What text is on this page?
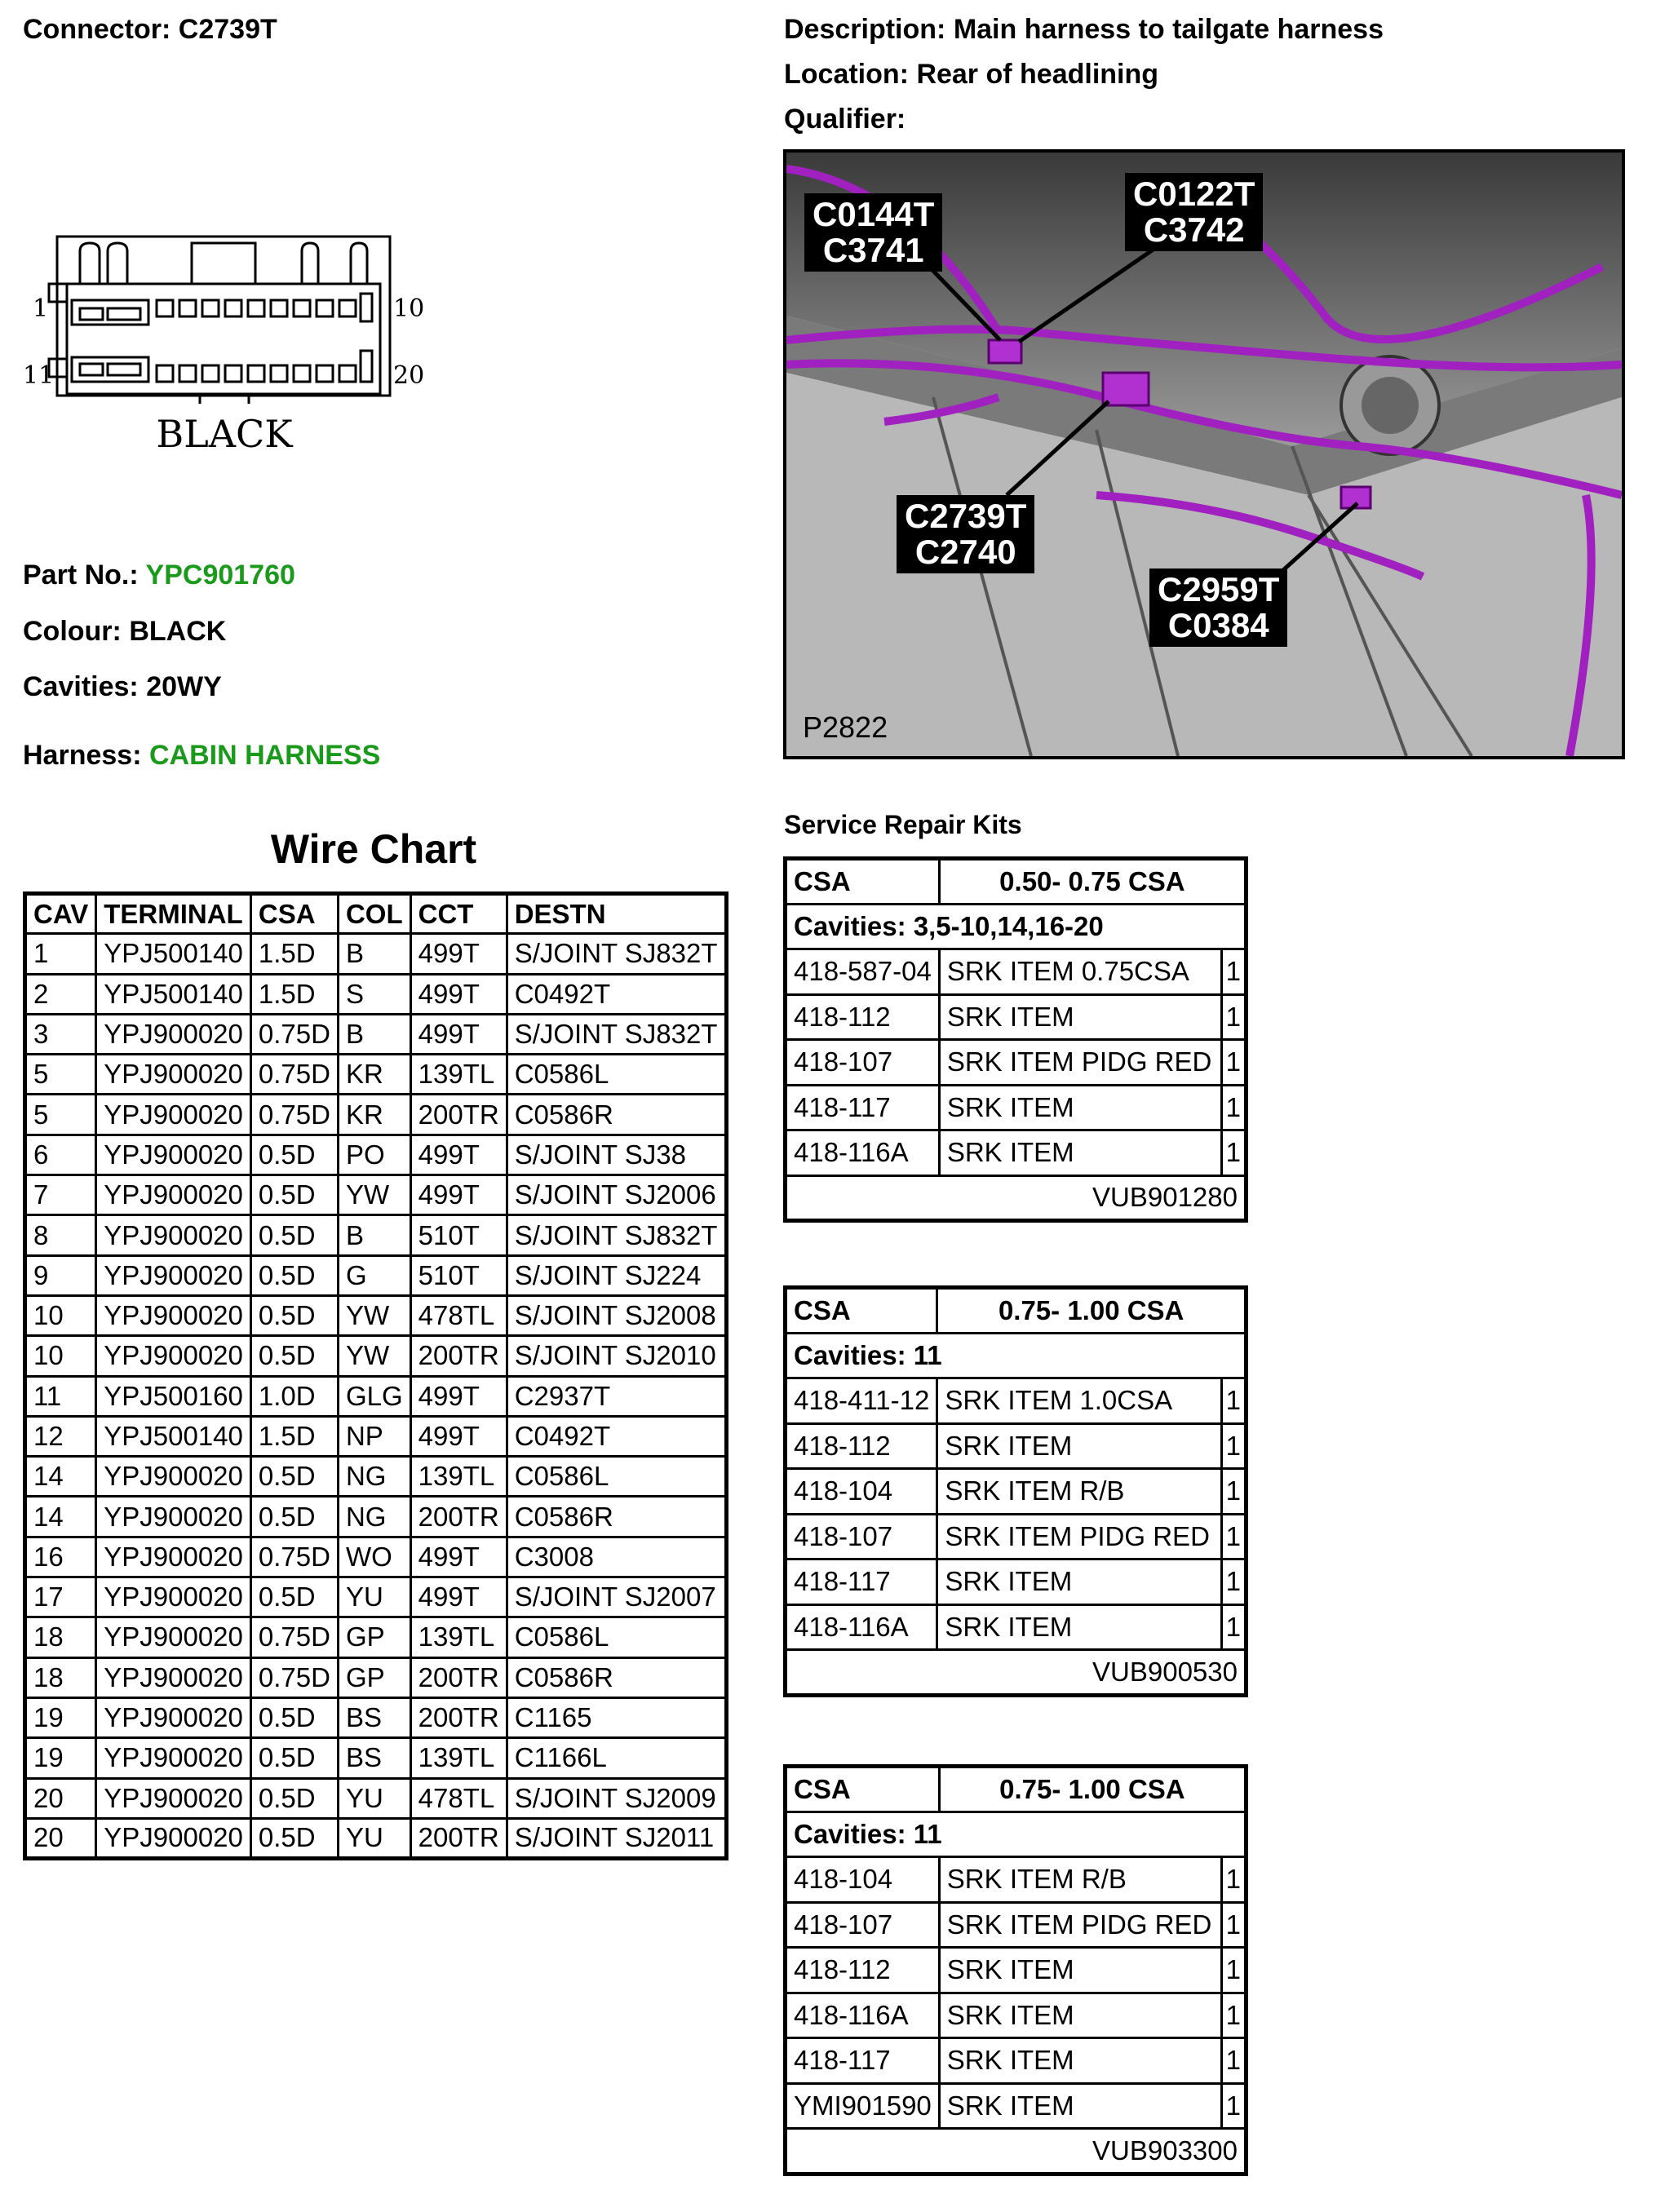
Connector: C2739T	Description: Main harness to tailgate harness
Location: Rear of headlining
Qualifier:
1	10
11	20
BLACK
Part No.: YPC901760
Colour: BLACK
Cavities: 20WY
Harness: CABIN HARNESS
C0144T
C3741
C0122T
C3742
C2739T
C2740
C2959T
C0384
P2822
Wire Chart
CAV	TERMINAL	CSA	COL	CCT	DESTN
1	YPJ500140	1.5D	B	499T	S/JOINT SJ832T
2	YPJ500140	1.5D	S	499T	C0492T
3	YPJ900020	0.75D	B	499T	S/JOINT SJ832T
5	YPJ900020	0.75D	KR	139TL	C0586L
5	YPJ900020	0.75D	KR	200TR	C0586R
6	YPJ900020	0.5D	PO	499T	S/JOINT SJ38
7	YPJ900020	0.5D	YW	499T	S/JOINT SJ2006
8	YPJ900020	0.5D	B	510T	S/JOINT SJ832T
9	YPJ900020	0.5D	G	510T	S/JOINT SJ224
10	YPJ900020	0.5D	YW	478TL	S/JOINT SJ2008
10	YPJ900020	0.5D	YW	200TR	S/JOINT SJ2010
11	YPJ500160	1.0D	GLG	499T	C2937T
12	YPJ500140	1.5D	NP	499T	C0492T
14	YPJ900020	0.5D	NG	139TL	C0586L
14	YPJ900020	0.5D	NG	200TR	C0586R
16	YPJ900020	0.75D	WO	499T	C3008
17	YPJ900020	0.5D	YU	499T	S/JOINT SJ2007
18	YPJ900020	0.75D	GP	139TL	C0586L
18	YPJ900020	0.75D	GP	200TR	C0586R
19	YPJ900020	0.5D	BS	200TR	C1165
19	YPJ900020	0.5D	BS	139TL	C1166L
20	YPJ900020	0.5D	YU	478TL	S/JOINT SJ2009
20	YPJ900020	0.5D	YU	200TR	S/JOINT SJ2011
Service Repair Kits
CSA	0.50- 0.75 CSA	
Cavities: 3,5-10,14,16-20		
418-587-04	SRK ITEM 0.75CSA	1
418-112	SRK ITEM	1
418-107	SRK ITEM PIDG RED	1
418-117	SRK ITEM	1
418-116A	SRK ITEM	1
VUB901280		
CSA	0.75- 1.00 CSA	
Cavities: 11		
418-411-12	SRK ITEM 1.0CSA	1
418-112	SRK ITEM	1
418-104	SRK ITEM R/B	1
418-107	SRK ITEM PIDG RED	1
418-117	SRK ITEM	1
418-116A	SRK ITEM	1
VUB900530		
CSA	0.75- 1.00 CSA	
Cavities: 11		
418-104	SRK ITEM R/B	1
418-107	SRK ITEM PIDG RED	1
418-112	SRK ITEM	1
418-116A	SRK ITEM	1
418-117	SRK ITEM	1
YMI901590	SRK ITEM	1
VUB903300		
